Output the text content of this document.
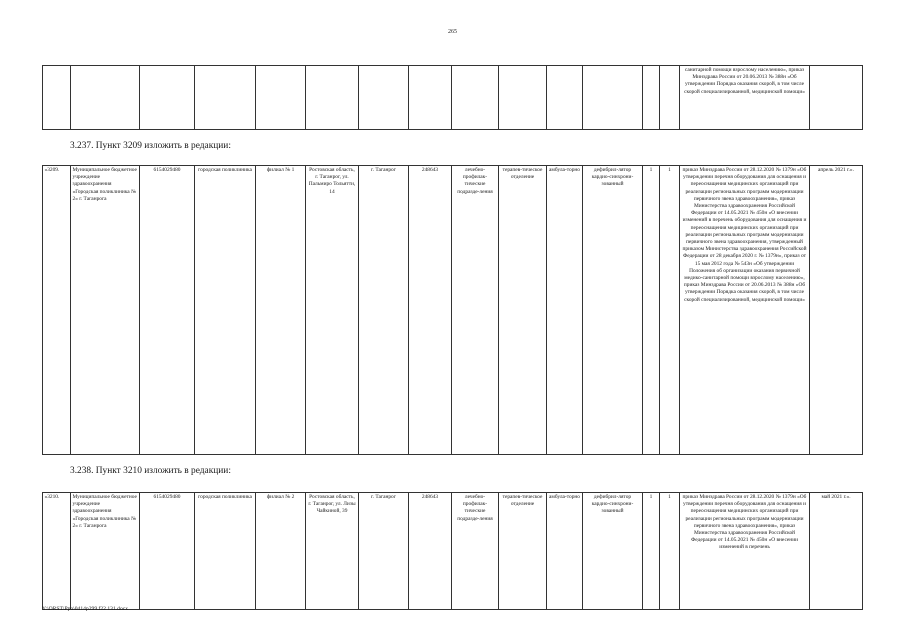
265
														санитарной помощи взрослому населению», приказ Минздрава России от 20.06.2013 № 388н «Об утверждении Порядка оказания скорой, в том числе скорой специализированной, медицинской помощи»	
3.237. Пункт 3209 изложить в редакции:
«3209.	Муниципальное бюджетное учреждение здравоохранения «Городская поликлиника № 2» г. Таганрога	6154029480	городская поликлиника	филиал № 1	Ростовская область, г. Таганрог, ул. Пальмиро Тольятти, 14	г. Таганрог	248643	лечебно-профилак-тические подразде-ления	терапев-тическое отделение	амбула-торно	дефибрил-лятор кардио-синхрони-зованный	1	1	приказ Минздрава России от 28.12.2020 № 1379н «Об утверждении перечня оборудования для оснащения и переоснащения медицинских организаций при реализации региональных программ модернизации первичного звена здравоохранения», приказ Министерства здравоохранения Российской Федерации от 14.05.2021 № 450н «О внесении изменений в перечень оборудования для оснащения и переоснащения медицинских организаций при реализации региональных программ модернизации первичного звена здравоохранения, утвержденный приказом Министерства здравоохранения Российской Федерации от 28 декабря 2020 г. № 1379н», приказ от 15 мая 2012 года № 543н «Об утверждении Положения об организации оказания первичной медико-санитарной помощи взрослому населению», приказ Минздрава России от 20.06.2013 № 388н «Об утверждении Порядка оказания скорой, в том числе скорой специализированной, медицинской помощи»	апрель 2021 г.».
3.238. Пункт 3210 изложить в редакции:
«3210.	Муниципальное бюджетное учреждение здравоохранения «Городская поликлиника № 2» г. Таганрога	6154029480	городская поликлиника	филиал № 2	Ростовская область, г. Таганрог, ул. Лизы Чайкиной, 39	г. Таганрог	248643	лечебно-профилак-тические подразде-ления	терапев-тическое отделение	амбула-торно	дефибрил-лятор кардио-синхрони-зованный	1	1	приказ Минздрава России от 28.12.2020 № 1379н «Об утверждении перечня оборудования для оснащения и переоснащения медицинских организаций при реализации региональных программ модернизации первичного звена здравоохранения», приказ Министерства здравоохранения Российской Федерации от 14.05.2021 № 450н «О внесении изменений в перечень	май 2021 г.».
Y:\ORST\Ppo\0414p299.f22 131.docx
